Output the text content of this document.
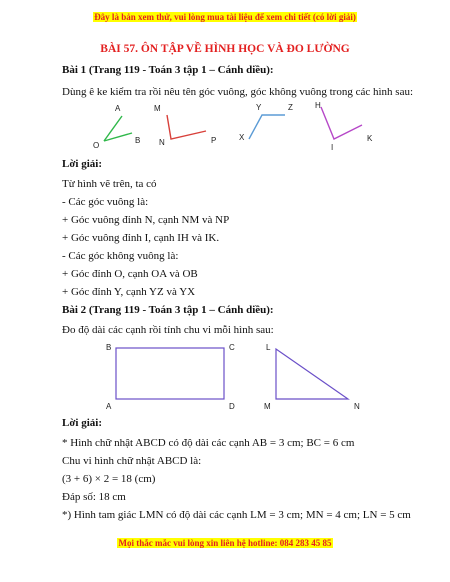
Đây là bản xem thử, vui lòng mua tài liệu để xem chi tiết (có lời giải)
BÀI 57. ÔN TẬP VỀ HÌNH HỌC VÀ ĐO LƯỜNG
Bài 1 (Trang 119 - Toán 3 tập 1 – Cánh diều):
Dùng ê ke kiểm tra rồi nêu tên góc vuông, góc không vuông trong các hình sau:
A
O
B
M
N	P
Y	Z
X
H
I
K
Lời giải:
Từ hình vẽ trên, ta có
- Các góc vuông là:
+ Góc vuông đỉnh N, cạnh NM và NP
+ Góc vuông đỉnh I, cạnh IH và IK.
- Các góc không vuông là:
+ Góc đỉnh O, cạnh OA và OB
+ Góc đỉnh Y, cạnh YZ và YX
Bài 2 (Trang 119 - Toán 3 tập 1 – Cánh diều):
Đo độ dài các cạnh rồi tính chu vi mỗi hình sau:
B	C
A	D
L
M	N
Lời giải:
* Hình chữ nhật ABCD có độ dài các cạnh AB = 3 cm; BC = 6 cm
Chu vi hình chữ nhật ABCD là:
(3 + 6) × 2 = 18 (cm)
Đáp số: 18 cm
*) Hình tam giác LMN có độ dài các cạnh LM = 3 cm; MN = 4 cm; LN = 5 cm
Mọi thắc mắc vui lòng xin liên hệ hotline: 084 283 45 85
